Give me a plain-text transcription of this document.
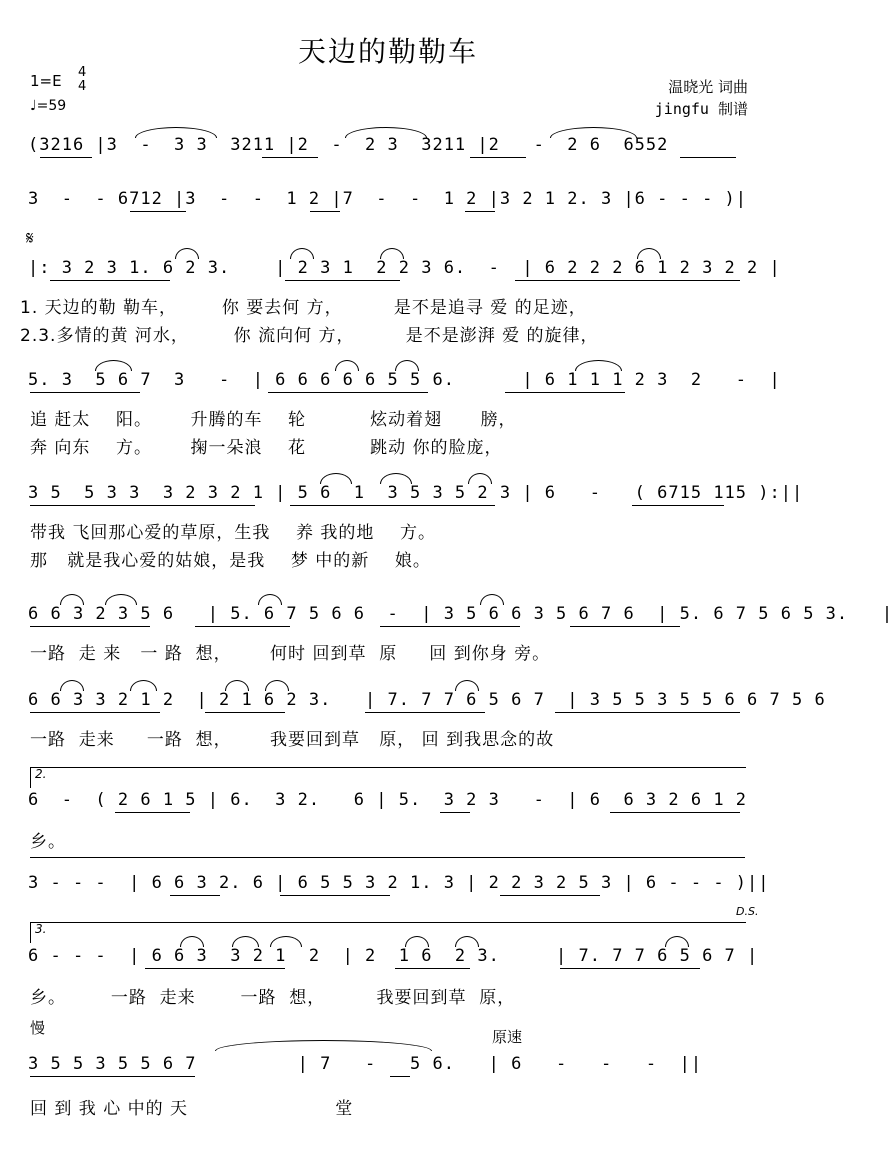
天边的勒勒车
1=E 4
4
♩=59
温晓光 词曲
jingfu 制谱
(3216 |3  -  3 3  3211 |2  -  2 3  3211 |2   -  2 6  6552
3  -  - 6712 |3  -  -  1 2 |7  -  -  1 2 |3 2 1 2. 3 |6 - - - )|
𝄋
|: 3 2 3 1. 6 2 3.    | 2 3 1  2 2 3 6.  -  | 6 2 2 2 6 1 2 3 2 2 |
1. 天边的勒 勒车，       你 要去何 方，        是不是追寻 爱 的足迹，
2.3.多情的黄 河水，       你 流向何 方，        是不是澎湃 爱 的旋律，
5. 3  5 6 7  3   -  | 6 6 6 6 6 5 5 6.      | 6 1 1 1 2 3  2   -  |
追 赶太    阳。      升腾的车    轮          炫动着翅      膀，
奔 向东    方。      掬一朵浪    花          跳动 你的脸庞，
3 5  5 3 3  3 2 3 2 1 | 5 6  1  3 5 3 5 2 3 | 6   -   ( 6715 115 ):||
带我 飞回那心爱的草原，生我    养 我的地    方。
那   就是我心爱的姑娘，是我    梦 中的新    娘。
6 6 3 2 3 5 6   | 5. 6 7 5 6 6  -  | 3 5 6 6 3 5 6 7 6  | 5. 6 7 5 6 5 3.   |
一路  走 来   一 路  想，      何时 回到草  原     回 到你身 旁。
6 6 3 3 2 1 2  | 2 1 6 2 3.   | 7. 7 7 6 5 6 7  | 3 5 5 3 5 5 6 6 7 5 6
一路  走来     一路  想，      我要回到草   原， 回 到我思念的故
2.
6  -  ( 2 6 1 5 | 6.  3 2.   6 | 5.  3 2 3   -  | 6  6 3 2 6 1 2
乡。
3 - - -  | 6 6 3 2. 6 | 6 5 5 3 2 1. 3 | 2 2 3 2 5 3 | 6 - - - )||
D.S.
3.
6 - - -  | 6 6 3  3 2 1  2  | 2  1 6  2 3.     | 7. 7 7 6 5 6 7 |
乡。       一路  走来       一路  想，        我要回到草  原，
慢	原速
3 5 5 3 5 5 6 7         | 7   -   5 6.   | 6   -   -   -  ||
回 到 我 心 中的 天                       堂
